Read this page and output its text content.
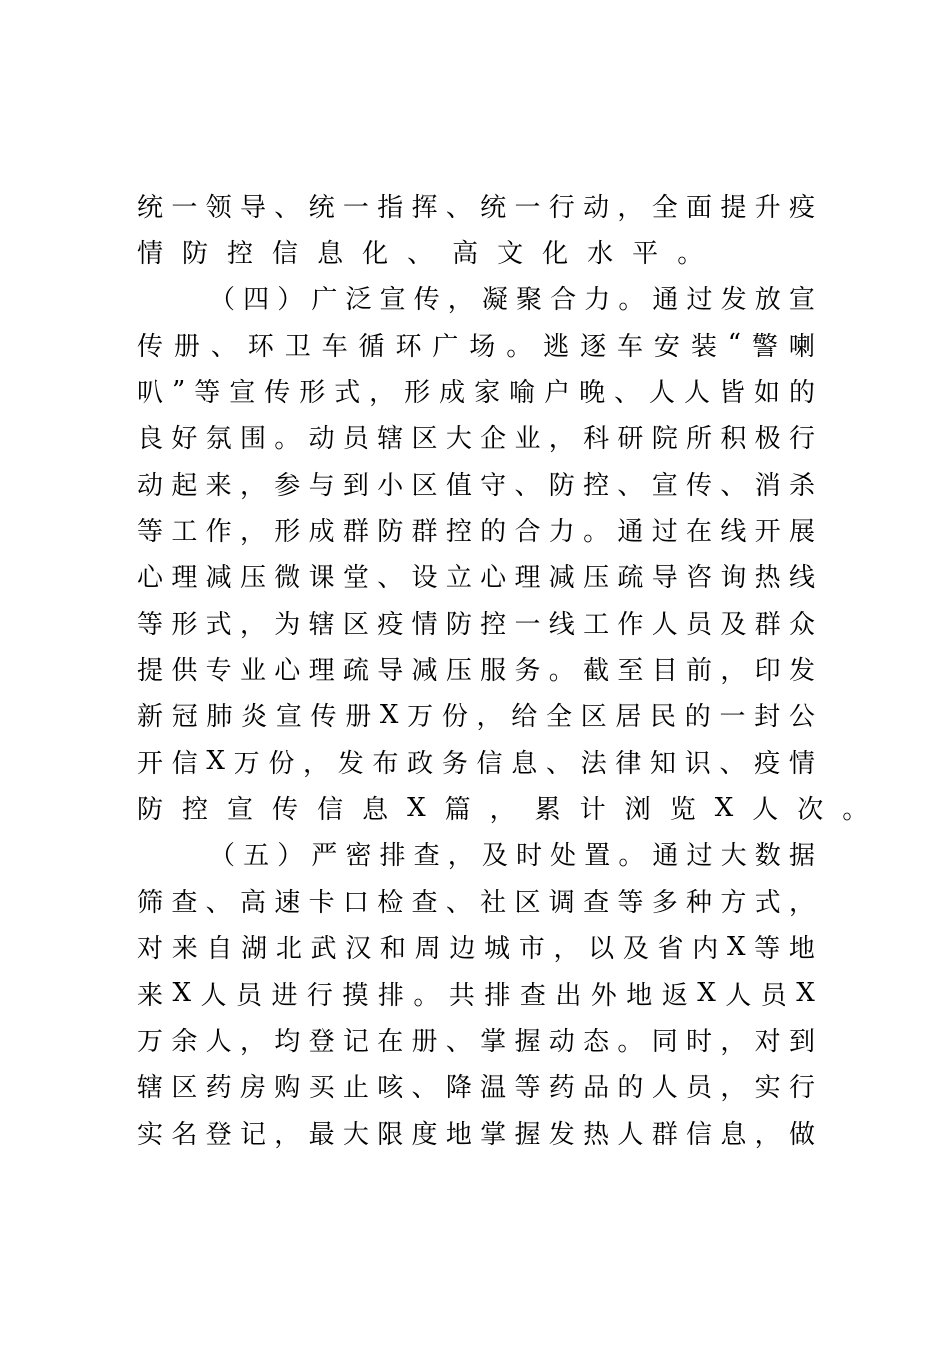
统 一 领 导 、 统 一 指 挥 、 统 一 行 动 ， 全 面 提 升 疫
情 防 控 信 息 化 、 高 文 化 水 平 。
（ 四 ） 广 泛 宣 传 ， 凝 聚 合 力 。 通 过 发 放 宣
传 册 、 环 卫 车 循 环 广 场 。 逃 逐 车 安 装 “ 警 喇
叭 ” 等 宣 传 形 式 ， 形 成 家 喻 户 晚 、 人 人 皆 如 的
良 好 氛 围 。 动 员 辖 区 大 企 业 ， 科 研 院 所 积 极 行
动 起 来 ， 参 与 到 小 区 值 守 、 防 控 、 宣 传 、 消 杀
等 工 作 ， 形 成 群 防 群 控 的 合 力 。 通 过 在 线 开 展
心 理 减 压 微 课 堂 、 设 立 心 理 减 压 疏 导 咨 询 热 线
等 形 式 ， 为 辖 区 疫 情 防 控 一 线 工 作 人 员 及 群 众
提 供 专 业 心 理 疏 导 减 压 服 务 。 截 至 目 前 ， 印 发
新 冠 肺 炎 宣 传 册 X 万 份 ， 给 全 区 居 民 的 一 封 公
开 信 X 万 份 ， 发 布 政 务 信 息 、 法 律 知 识 、 疫 情
防 控 宣 传 信 息 X 篇 ， 累 计 浏 览 X 人 次 。
（ 五 ） 严 密 排 查 ， 及 时 处 置 。 通 过 大 数 据
筛 查 、 高 速 卡 口 检 查 、 社 区 调 查 等 多 种 方 式 ，
对 来 自 湖 北 武 汉 和 周 边 城 市 ， 以 及 省 内 X 等 地
来 X 人 员 进 行 摸 排 。 共 排 查 出 外 地 返 X 人 员 X
万 余 人 ， 均 登 记 在 册 、 掌 握 动 态 。 同 时 ， 对 到
辖 区 药 房 购 买 止 咳 、 降 温 等 药 品 的 人 员 ， 实 行
实 名 登 记 ， 最 大 限 度 地 掌 握 发 热 人 群 信 息 ， 做
